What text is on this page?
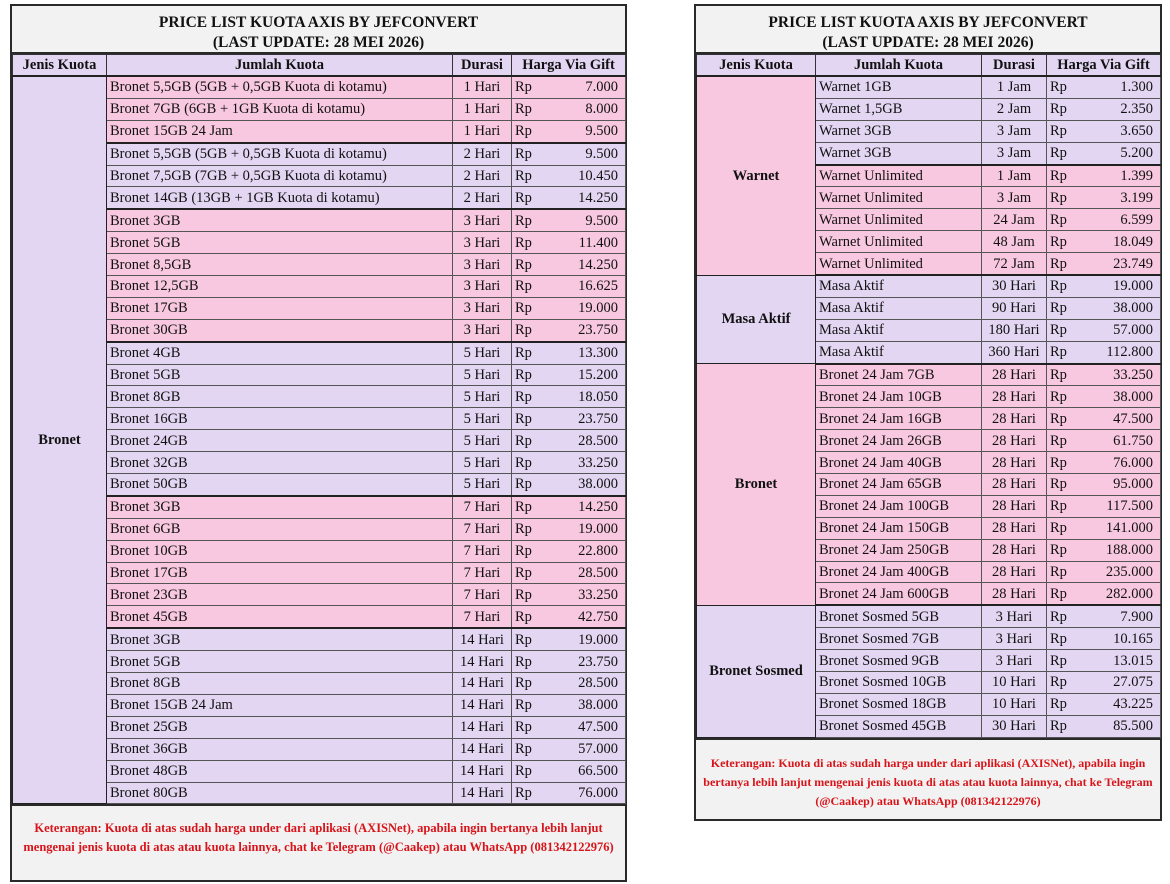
PRICE LIST KUOTA AXIS BY JEFCONVERT
(LAST UPDATE: 28 MEI 2026)
Jenis Kuota	Jumlah Kuota	Durasi	Harga Via Gift	
Bronet	Bronet 5,5GB (5GB + 0,5GB Kuota di kotamu)	1 Hari	Rp	7.000
	Bronet 7GB (6GB + 1GB Kuota di kotamu)	1 Hari	Rp	8.000
	Bronet 15GB 24 Jam	1 Hari	Rp	9.500
	Bronet 5,5GB (5GB + 0,5GB Kuota di kotamu)	2 Hari	Rp	9.500
	Bronet 7,5GB (7GB + 0,5GB Kuota di kotamu)	2 Hari	Rp	10.450
	Bronet 14GB (13GB + 1GB Kuota di kotamu)	2 Hari	Rp	14.250
	Bronet 3GB	3 Hari	Rp	9.500
	Bronet 5GB	3 Hari	Rp	11.400
	Bronet 8,5GB	3 Hari	Rp	14.250
	Bronet 12,5GB	3 Hari	Rp	16.625
	Bronet 17GB	3 Hari	Rp	19.000
	Bronet 30GB	3 Hari	Rp	23.750
	Bronet 4GB	5 Hari	Rp	13.300
	Bronet 5GB	5 Hari	Rp	15.200
	Bronet 8GB	5 Hari	Rp	18.050
	Bronet 16GB	5 Hari	Rp	23.750
	Bronet 24GB	5 Hari	Rp	28.500
	Bronet 32GB	5 Hari	Rp	33.250
	Bronet 50GB	5 Hari	Rp	38.000
	Bronet 3GB	7 Hari	Rp	14.250
	Bronet 6GB	7 Hari	Rp	19.000
	Bronet 10GB	7 Hari	Rp	22.800
	Bronet 17GB	7 Hari	Rp	28.500
	Bronet 23GB	7 Hari	Rp	33.250
	Bronet 45GB	7 Hari	Rp	42.750
	Bronet 3GB	14 Hari	Rp	19.000
	Bronet 5GB	14 Hari	Rp	23.750
	Bronet 8GB	14 Hari	Rp	28.500
	Bronet 15GB 24 Jam	14 Hari	Rp	38.000
	Bronet 25GB	14 Hari	Rp	47.500
	Bronet 36GB	14 Hari	Rp	57.000
	Bronet 48GB	14 Hari	Rp	66.500
	Bronet 80GB	14 Hari	Rp	76.000
Keterangan: Kuota di atas sudah harga under dari aplikasi (AXISNet), apabila ingin bertanya lebih lanjut mengenai jenis kuota di atas atau kuota lainnya, chat ke Telegram (@Caakep) atau WhatsApp (081342122976)
PRICE LIST KUOTA AXIS BY JEFCONVERT
(LAST UPDATE: 28 MEI 2026)
Jenis Kuota	Jumlah Kuota	Durasi	Harga Via Gift	
Warnet	Warnet 1GB	1 Jam	Rp	1.300
	Warnet 1,5GB	2 Jam	Rp	2.350
	Warnet 3GB	3 Jam	Rp	3.650
	Warnet 3GB	3 Jam	Rp	5.200
	Warnet Unlimited	1 Jam	Rp	1.399
	Warnet Unlimited	3 Jam	Rp	3.199
	Warnet Unlimited	24 Jam	Rp	6.599
	Warnet Unlimited	48 Jam	Rp	18.049
	Warnet Unlimited	72 Jam	Rp	23.749
Masa Aktif	Masa Aktif	30 Hari	Rp	19.000
	Masa Aktif	90 Hari	Rp	38.000
	Masa Aktif	180 Hari	Rp	57.000
	Masa Aktif	360 Hari	Rp	112.800
Bronet	Bronet 24 Jam 7GB	28 Hari	Rp	33.250
	Bronet 24 Jam 10GB	28 Hari	Rp	38.000
	Bronet 24 Jam 16GB	28 Hari	Rp	47.500
	Bronet 24 Jam 26GB	28 Hari	Rp	61.750
	Bronet 24 Jam 40GB	28 Hari	Rp	76.000
	Bronet 24 Jam 65GB	28 Hari	Rp	95.000
	Bronet 24 Jam 100GB	28 Hari	Rp	117.500
	Bronet 24 Jam 150GB	28 Hari	Rp	141.000
	Bronet 24 Jam 250GB	28 Hari	Rp	188.000
	Bronet 24 Jam 400GB	28 Hari	Rp	235.000
	Bronet 24 Jam 600GB	28 Hari	Rp	282.000
Bronet Sosmed	Bronet Sosmed 5GB	3 Hari	Rp	7.900
	Bronet Sosmed 7GB	3 Hari	Rp	10.165
	Bronet Sosmed 9GB	3 Hari	Rp	13.015
	Bronet Sosmed 10GB	10 Hari	Rp	27.075
	Bronet Sosmed 18GB	10 Hari	Rp	43.225
	Bronet Sosmed 45GB	30 Hari	Rp	85.500
Keterangan: Kuota di atas sudah harga under dari aplikasi (AXISNet), apabila ingin bertanya lebih lanjut mengenai jenis kuota di atas atau kuota lainnya, chat ke Telegram (@Caakep) atau WhatsApp (081342122976)
